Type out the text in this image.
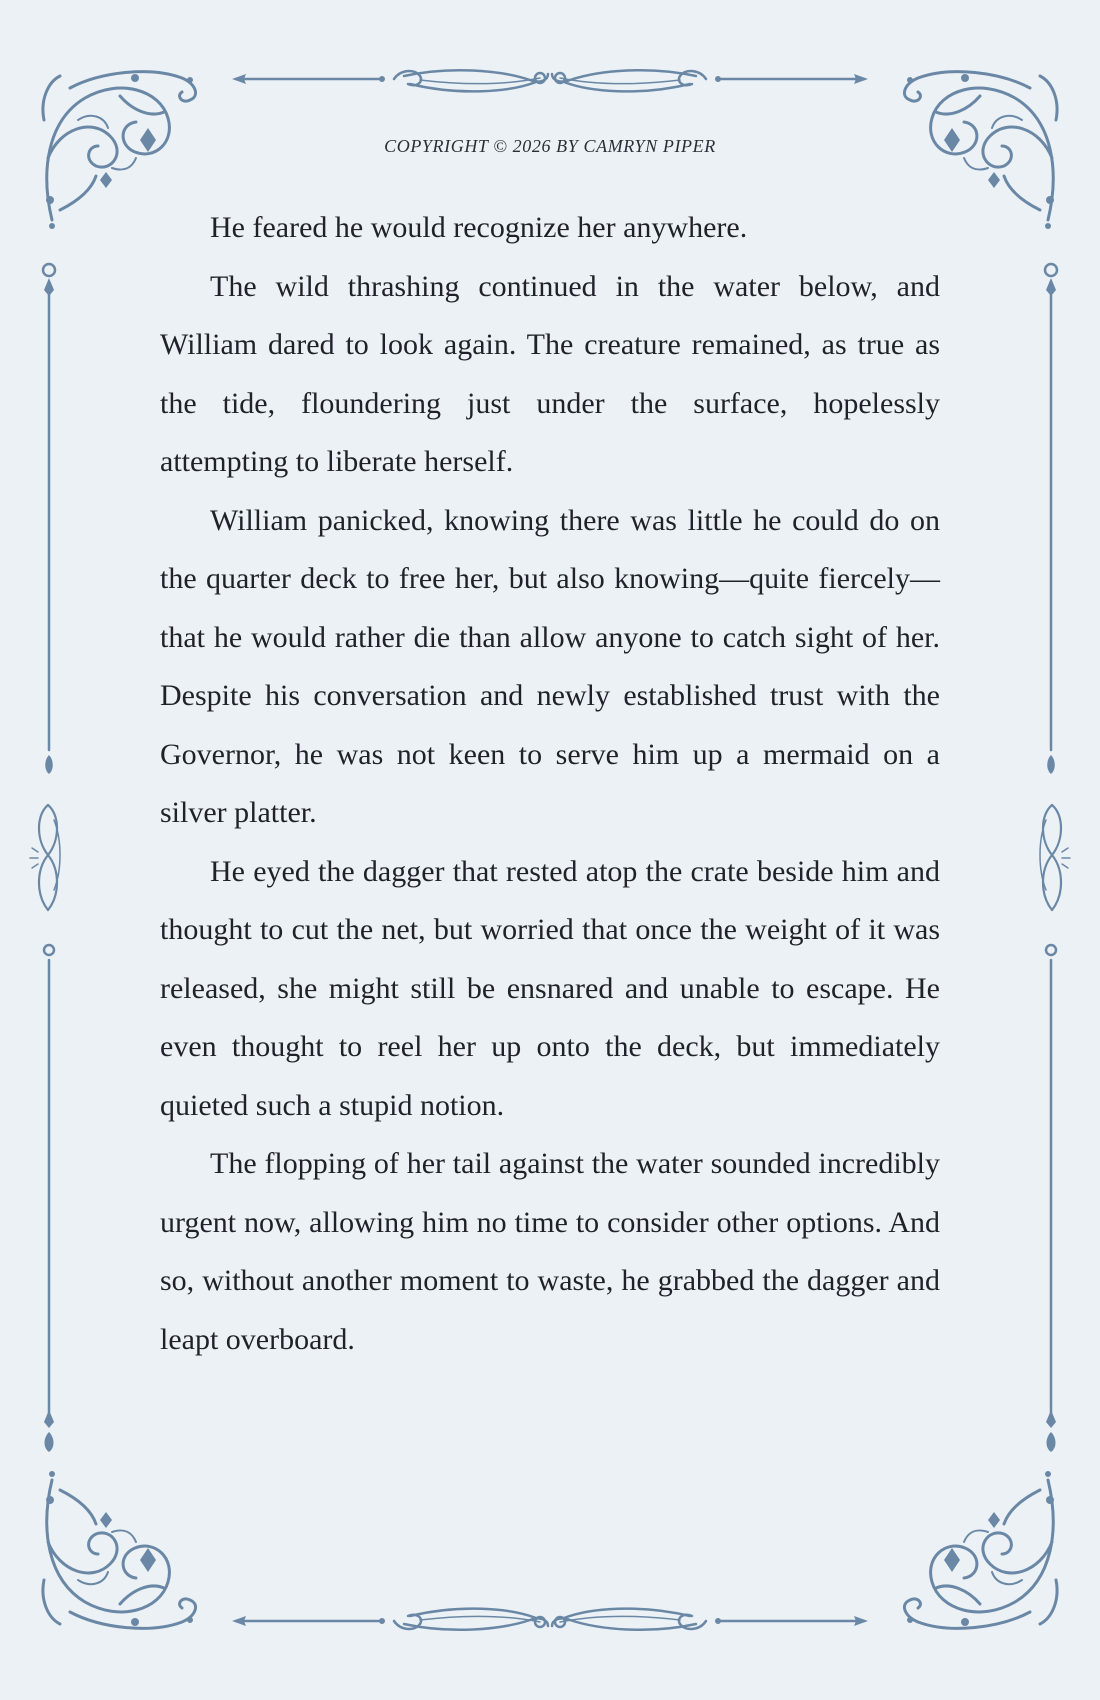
COPYRIGHT © 2026 BY CAMRYN PIPER

He feared he would recognize her anywhere.

The wild thrashing continued in the water below, and William dared to look again. The creature remained, as true as the tide, floundering just under the surface, hopelessly attempting to liberate herself.

William panicked, knowing there was little he could do on the quarter deck to free her, but also knowing—quite fiercely—that he would rather die than allow anyone to catch sight of her. Despite his conversation and newly established trust with the Governor, he was not keen to serve him up a mermaid on a silver platter.

He eyed the dagger that rested atop the crate beside him and thought to cut the net, but worried that once the weight of it was released, she might still be ensnared and unable to escape. He even thought to reel her up onto the deck, but immediately quieted such a stupid notion.

The flopping of her tail against the water sounded incredibly urgent now, allowing him no time to consider other options. And so, without another moment to waste, he grabbed the dagger and leapt overboard.
